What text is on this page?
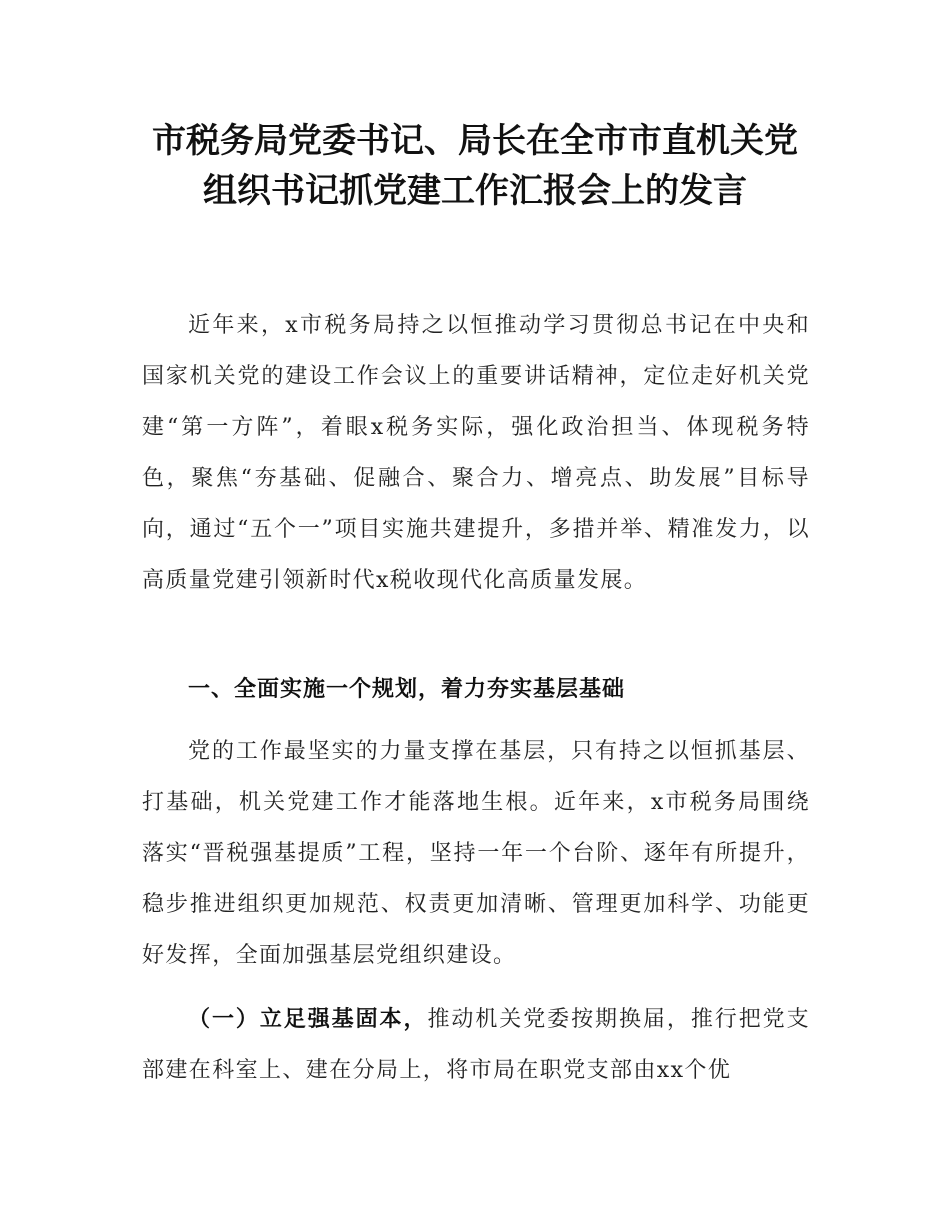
市税务局党委书记、局长在全市市直机关党
组织书记抓党建工作汇报会上的发言

近年来，x市税务局持之以恒推动学习贯彻总书记在中央和国家机关党的建设工作会议上的重要讲话精神，定位走好机关党建“第一方阵”，着眼x税务实际，强化政治担当、体现税务特色，聚焦“夯基础、促融合、聚合力、增亮点、助发展”目标导向，通过“五个一”项目实施共建提升，多措并举、精准发力，以高质量党建引领新时代x税收现代化高质量发展。

一、全面实施一个规划，着力夯实基层基础

党的工作最坚实的力量支撑在基层，只有持之以恒抓基层、打基础，机关党建工作才能落地生根。近年来，x市税务局围绕落实“晋税强基提质”工程，坚持一年一个台阶、逐年有所提升，稳步推进组织更加规范、权责更加清晰、管理更加科学、功能更好发挥，全面加强基层党组织建设。

（一）立足强基固本，推动机关党委按期换届，推行把党支部建在科室上、建在分局上，将市局在职党支部由xx个优
